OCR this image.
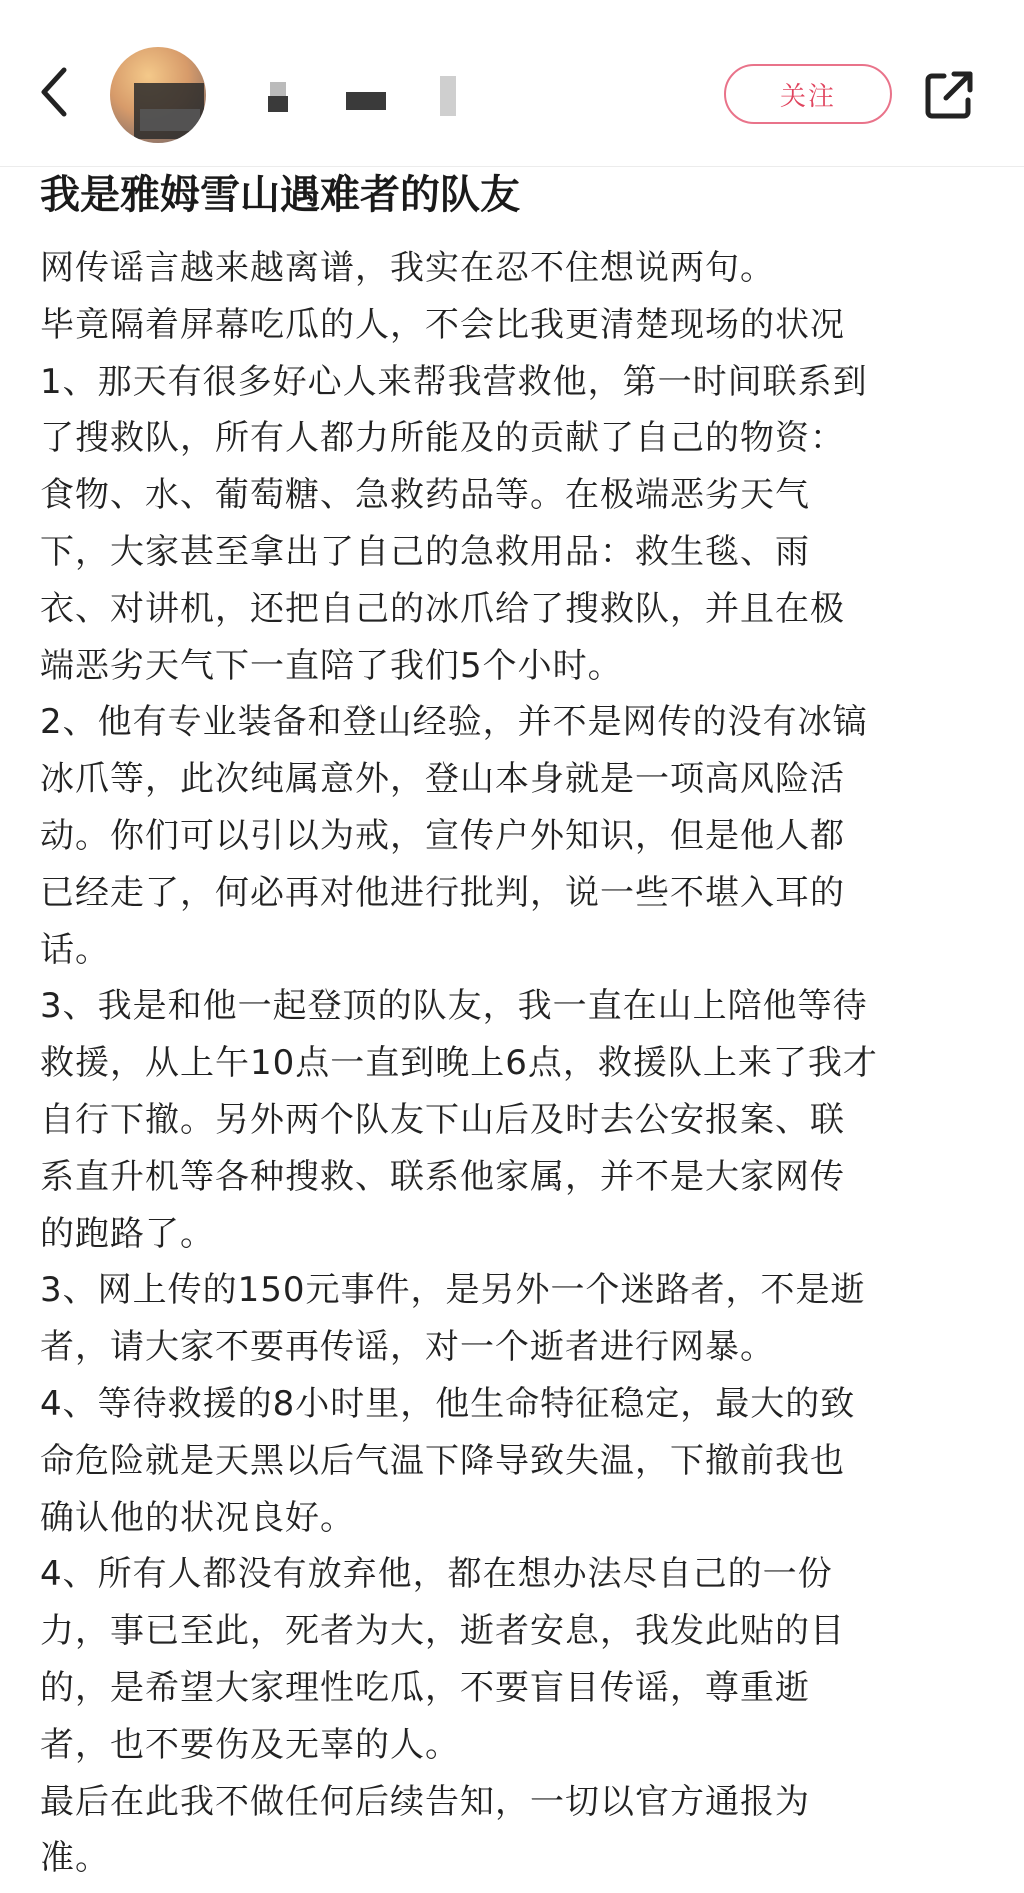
关注
我是雅姆雪山遇难者的队友

网传谣言越来越离谱，我实在忍不住想说两句。

毕竟隔着屏幕吃瓜的人，不会比我更清楚现场的状况

1、那天有很多好心人来帮我营救他，第一时间联系到

了搜救队，所有人都力所能及的贡献了自己的物资：

食物、水、葡萄糖、急救药品等。在极端恶劣天气

下，大家甚至拿出了自己的急救用品：救生毯、雨

衣、对讲机，还把自己的冰爪给了搜救队，并且在极

端恶劣天气下一直陪了我们5个小时。

2、他有专业装备和登山经验，并不是网传的没有冰镐

冰爪等，此次纯属意外，登山本身就是一项高风险活

动。你们可以引以为戒，宣传户外知识，但是他人都

已经走了，何必再对他进行批判，说一些不堪入耳的

话。

3、我是和他一起登顶的队友，我一直在山上陪他等待

救援，从上午10点一直到晚上6点，救援队上来了我才

自行下撤。另外两个队友下山后及时去公安报案、联

系直升机等各种搜救、联系他家属，并不是大家网传

的跑路了。

3、网上传的150元事件，是另外一个迷路者，不是逝

者，请大家不要再传谣，对一个逝者进行网暴。

4、等待救援的8小时里，他生命特征稳定，最大的致

命危险就是天黑以后气温下降导致失温，下撤前我也

确认他的状况良好。

4、所有人都没有放弃他，都在想办法尽自己的一份

力，事已至此，死者为大，逝者安息，我发此贴的目

的，是希望大家理性吃瓜，不要盲目传谣，尊重逝

者，也不要伤及无辜的人。

最后在此我不做任何后续告知，一切以官方通报为

准。
